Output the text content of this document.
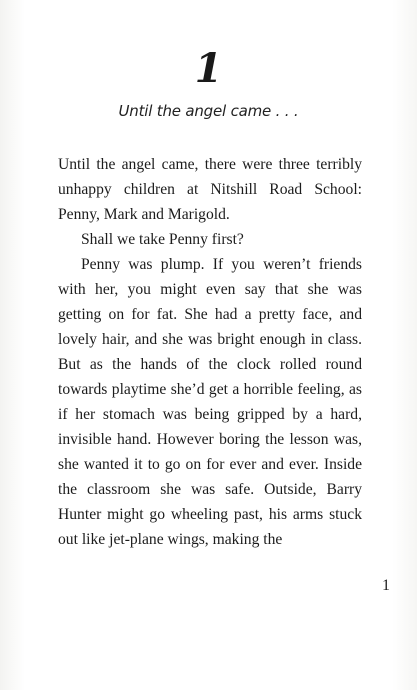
1
Until the angel came . . .

Until the angel came, there were three terribly unhappy children at Nitshill Road School: Penny, Mark and Marigold.

Shall we take Penny first?

Penny was plump. If you weren’t friends with her, you might even say that she was getting on for fat. She had a pretty face, and lovely hair, and she was bright enough in class. But as the hands of the clock rolled round towards playtime she’d get a horrible feeling, as if her stomach was being gripped by a hard, invisible hand. However boring the lesson was, she wanted it to go on for ever and ever. Inside the classroom she was safe. Outside, Barry Hunter might go wheeling past, his arms stuck out like jet-plane wings, making the

1
